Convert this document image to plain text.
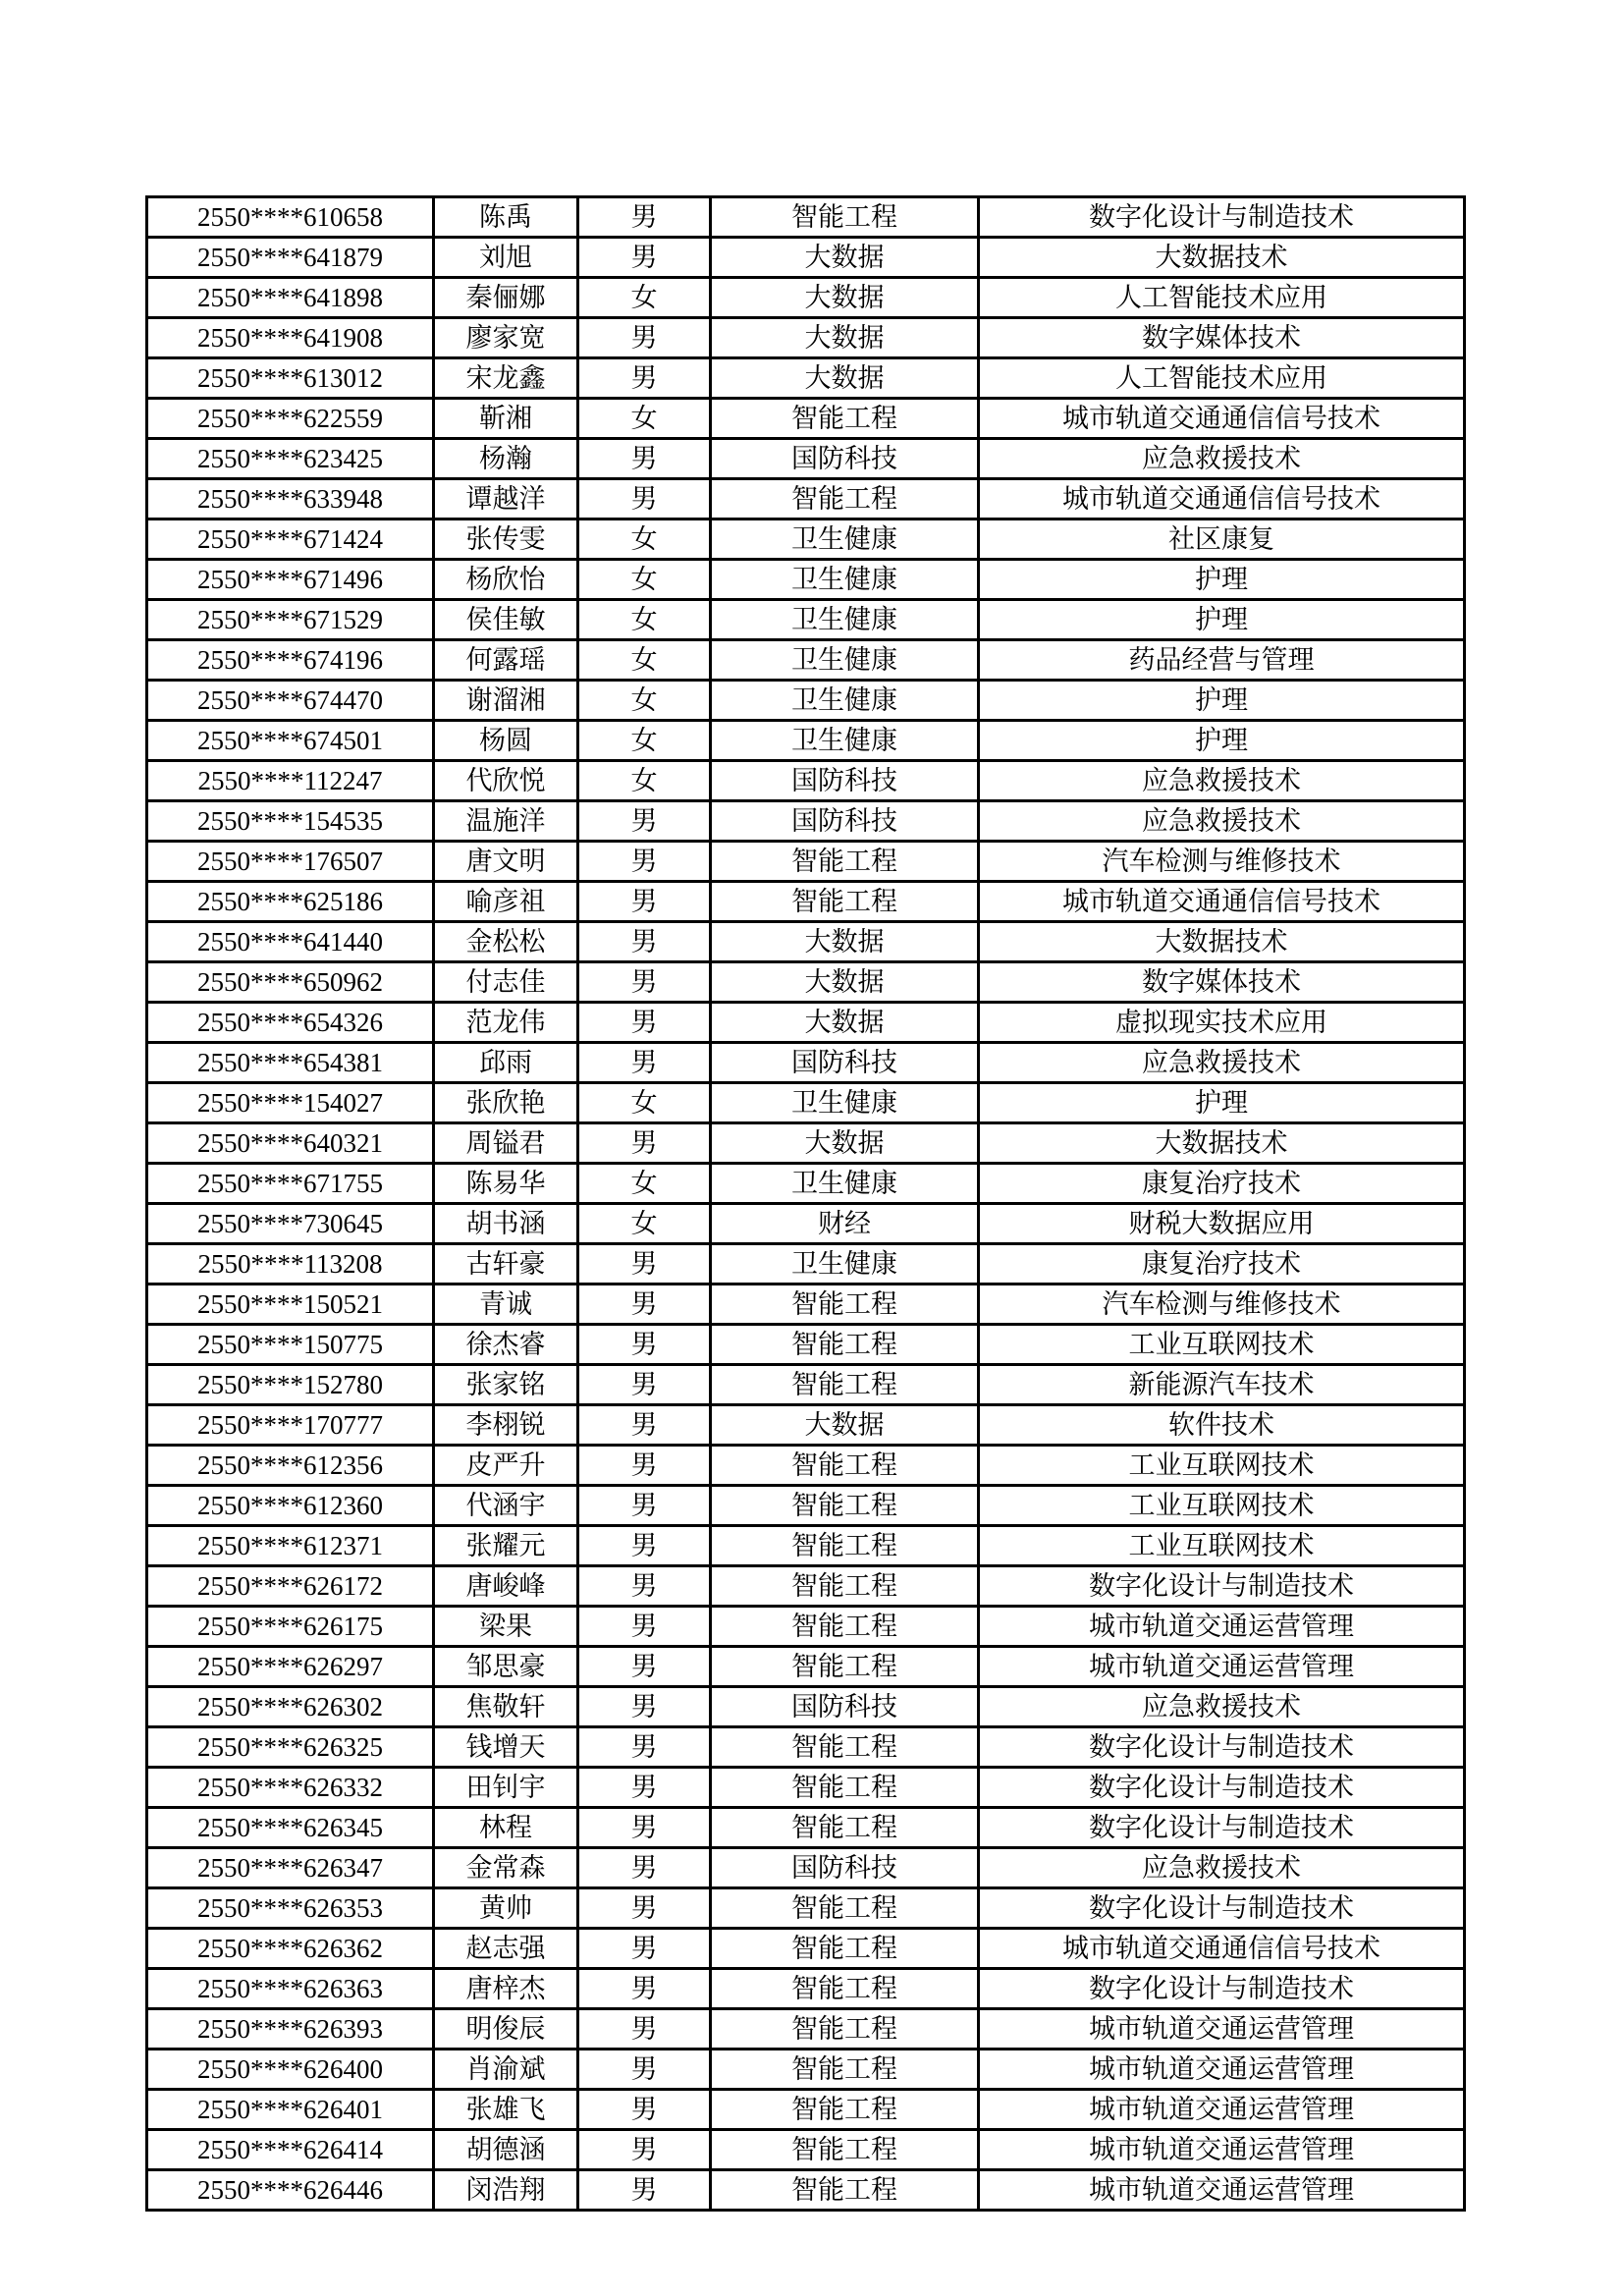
2550****610658	陈禹	男	智能工程	数字化设计与制造技术
2550****641879	刘旭	男	大数据	大数据技术
2550****641898	秦俪娜	女	大数据	人工智能技术应用
2550****641908	廖家宽	男	大数据	数字媒体技术
2550****613012	宋龙鑫	男	大数据	人工智能技术应用
2550****622559	靳湘	女	智能工程	城市轨道交通通信信号技术
2550****623425	杨瀚	男	国防科技	应急救援技术
2550****633948	谭越洋	男	智能工程	城市轨道交通通信信号技术
2550****671424	张传雯	女	卫生健康	社区康复
2550****671496	杨欣怡	女	卫生健康	护理
2550****671529	侯佳敏	女	卫生健康	护理
2550****674196	何露瑶	女	卫生健康	药品经营与管理
2550****674470	谢溜湘	女	卫生健康	护理
2550****674501	杨圆	女	卫生健康	护理
2550****112247	代欣悦	女	国防科技	应急救援技术
2550****154535	温施洋	男	国防科技	应急救援技术
2550****176507	唐文明	男	智能工程	汽车检测与维修技术
2550****625186	喻彦祖	男	智能工程	城市轨道交通通信信号技术
2550****641440	金松松	男	大数据	大数据技术
2550****650962	付志佳	男	大数据	数字媒体技术
2550****654326	范龙伟	男	大数据	虚拟现实技术应用
2550****654381	邱雨	男	国防科技	应急救援技术
2550****154027	张欣艳	女	卫生健康	护理
2550****640321	周镒君	男	大数据	大数据技术
2550****671755	陈易华	女	卫生健康	康复治疗技术
2550****730645	胡书涵	女	财经	财税大数据应用
2550****113208	古轩豪	男	卫生健康	康复治疗技术
2550****150521	青诚	男	智能工程	汽车检测与维修技术
2550****150775	徐杰睿	男	智能工程	工业互联网技术
2550****152780	张家铭	男	智能工程	新能源汽车技术
2550****170777	李栩锐	男	大数据	软件技术
2550****612356	皮严升	男	智能工程	工业互联网技术
2550****612360	代涵宇	男	智能工程	工业互联网技术
2550****612371	张耀元	男	智能工程	工业互联网技术
2550****626172	唐峻峰	男	智能工程	数字化设计与制造技术
2550****626175	梁果	男	智能工程	城市轨道交通运营管理
2550****626297	邹思豪	男	智能工程	城市轨道交通运营管理
2550****626302	焦敬轩	男	国防科技	应急救援技术
2550****626325	钱增天	男	智能工程	数字化设计与制造技术
2550****626332	田钊宇	男	智能工程	数字化设计与制造技术
2550****626345	林程	男	智能工程	数字化设计与制造技术
2550****626347	金常森	男	国防科技	应急救援技术
2550****626353	黄帅	男	智能工程	数字化设计与制造技术
2550****626362	赵志强	男	智能工程	城市轨道交通通信信号技术
2550****626363	唐梓杰	男	智能工程	数字化设计与制造技术
2550****626393	明俊辰	男	智能工程	城市轨道交通运营管理
2550****626400	肖渝斌	男	智能工程	城市轨道交通运营管理
2550****626401	张雄飞	男	智能工程	城市轨道交通运营管理
2550****626414	胡德涵	男	智能工程	城市轨道交通运营管理
2550****626446	闵浩翔	男	智能工程	城市轨道交通运营管理
